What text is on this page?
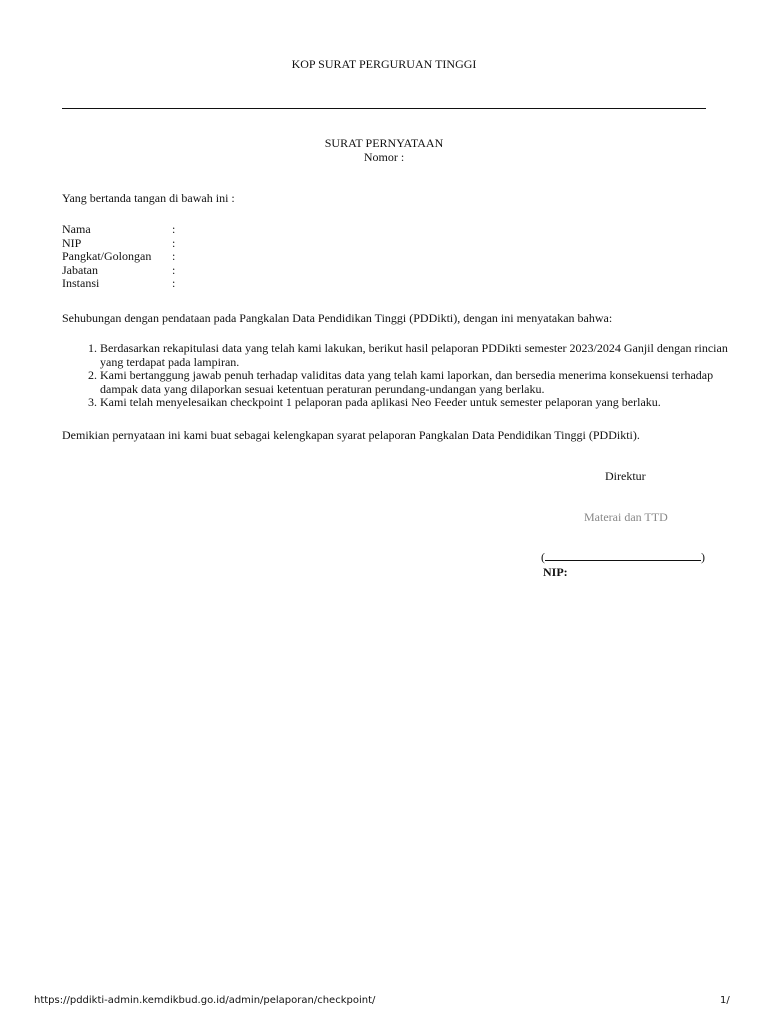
KOP SURAT PERGURUAN TINGGI
SURAT PERNYATAAN
Nomor :
Yang bertanda tangan di bawah ini :
Nama	:
NIP	:
Pangkat/Golongan	:
Jabatan	:
Instansi	:
Sehubungan dengan pendataan pada Pangkalan Data Pendidikan Tinggi (PDDikti), dengan ini menyatakan bahwa:
1. Berdasarkan rekapitulasi data yang telah kami lakukan, berikut hasil pelaporan PDDikti semester 2023/2024 Ganjil dengan rincian yang terdapat pada lampiran.
2. Kami bertanggung jawab penuh terhadap validitas data yang telah kami laporkan, dan bersedia menerima konsekuensi terhadap dampak data yang dilaporkan sesuai ketentuan peraturan perundang-undangan yang berlaku.
3. Kami telah menyelesaikan checkpoint 1 pelaporan pada aplikasi Neo Feeder untuk semester pelaporan yang berlaku.
Demikian pernyataan ini kami buat sebagai kelengkapan syarat pelaporan Pangkalan Data Pendidikan Tinggi (PDDikti).
Direktur
Materai dan TTD
(	)
NIP:
https://pddikti-admin.kemdikbud.go.id/admin/pelaporan/checkpoint/	1/
